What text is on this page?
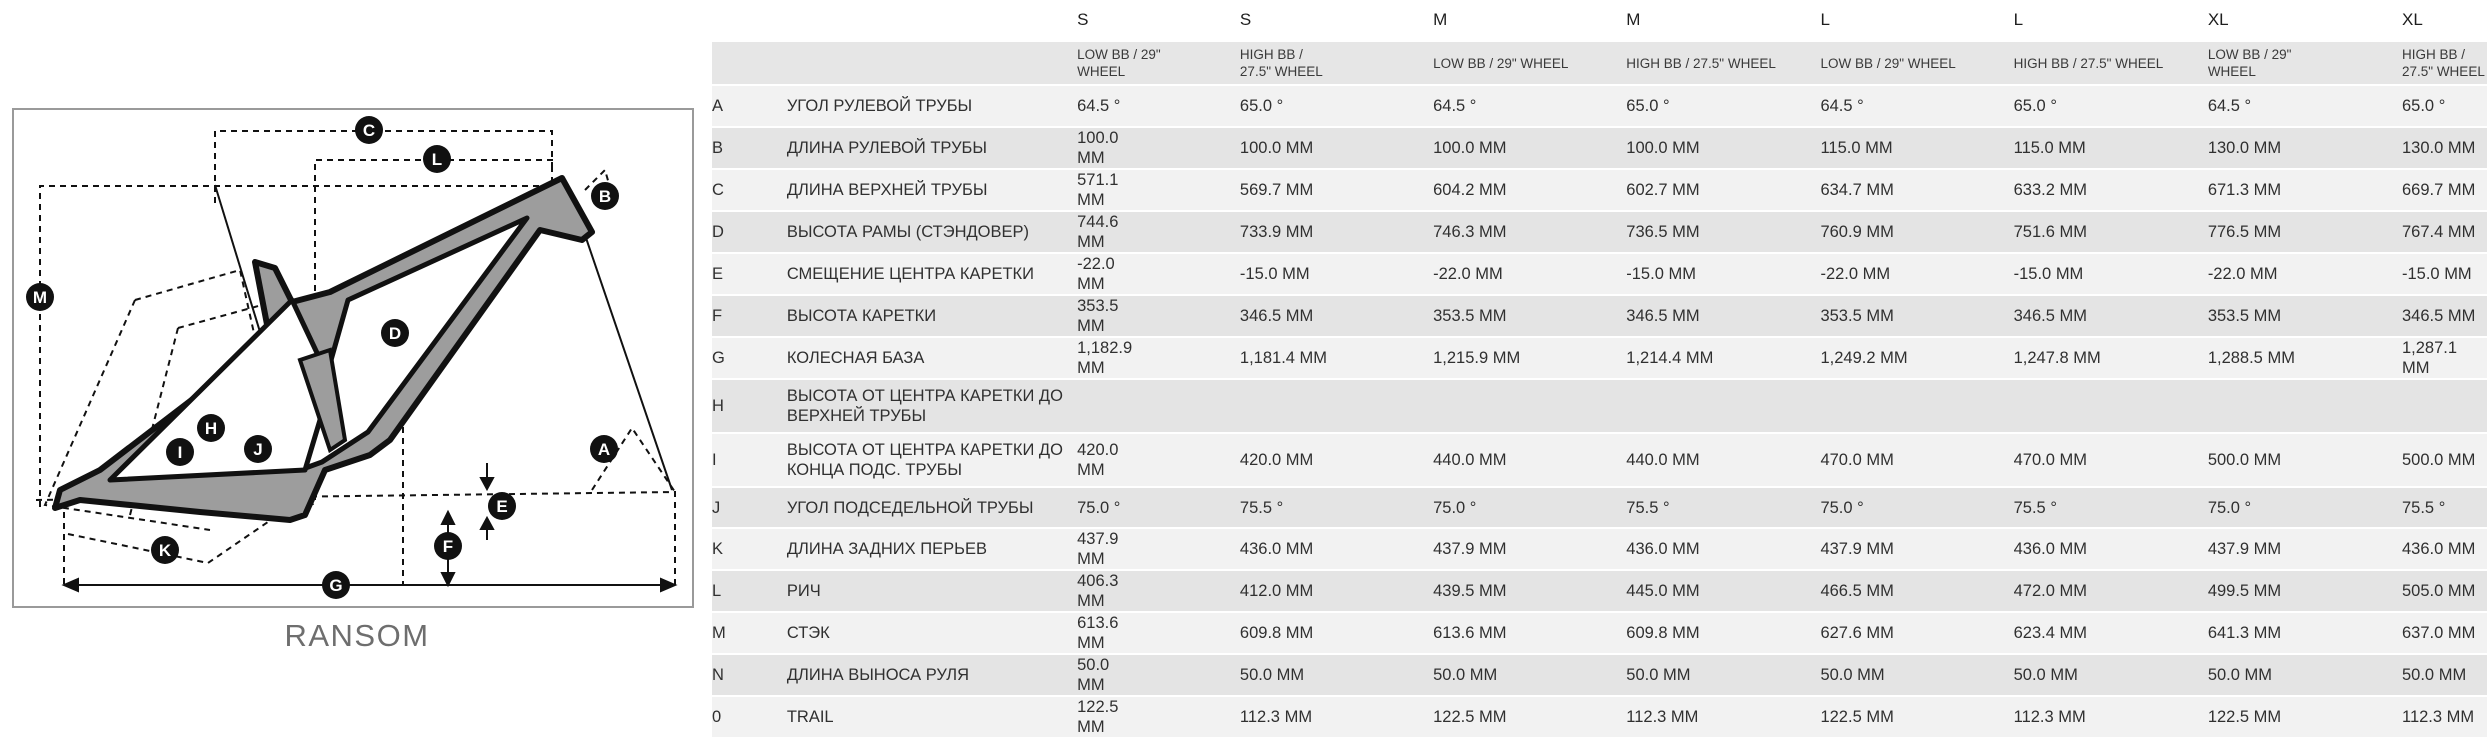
C
L
B
M
D
H
I	J	A
E
F
K
G
RANSOM
		S	S	M	M	L	L	XL	XL

		LOW BB / 29" WHEEL	HIGH BB / 27.5" WHEEL	LOW BB / 29" WHEEL	HIGH BB / 27.5" WHEEL	LOW BB / 29" WHEEL	HIGH BB / 27.5" WHEEL	LOW BB / 29" WHEEL	HIGH BB / 27.5" WHEEL

A	УГОЛ РУЛЕВОЙ ТРУБЫ	64.5 °	65.0 °	64.5 °	65.0 °	64.5 °	65.0 °	64.5 °	65.0 °
B	ДЛИНА РУЛЕВОЙ ТРУБЫ	100.0 MM	100.0 MM	100.0 MM	100.0 MM	115.0 MM	115.0 MM	130.0 MM	130.0 MM
C	ДЛИНА ВЕРХНЕЙ ТРУБЫ	571.1 MM	569.7 MM	604.2 MM	602.7 MM	634.7 MM	633.2 MM	671.3 MM	669.7 MM
D	ВЫСОТА РАМЫ (СТЭНДОВЕР)	744.6 MM	733.9 MM	746.3 MM	736.5 MM	760.9 MM	751.6 MM	776.5 MM	767.4 MM
E	СМЕЩЕНИЕ ЦЕНТРА КАРЕТКИ	-22.0 MM	-15.0 MM	-22.0 MM	-15.0 MM	-22.0 MM	-15.0 MM	-22.0 MM	-15.0 MM
F	ВЫСОТА КАРЕТКИ	353.5 MM	346.5 MM	353.5 MM	346.5 MM	353.5 MM	346.5 MM	353.5 MM	346.5 MM
G	КОЛЕСНАЯ БАЗА	1,182.9 MM	1,181.4 MM	1,215.9 MM	1,214.4 MM	1,249.2 MM	1,247.8 MM	1,288.5 MM	1,287.1 MM
H	ВЫСОТА ОТ ЦЕНТРА КАРЕТКИ ДО ВЕРХНЕЙ ТРУБЫ	

I	ВЫСОТА ОТ ЦЕНТРА КАРЕТКИ ДО КОНЦА ПОДС. ТРУБЫ	420.0 MM	420.0 MM	440.0 MM	440.0 MM	470.0 MM	470.0 MM	500.0 MM	500.0 MM
J	УГОЛ ПОДСЕДЕЛЬНОЙ ТРУБЫ	75.0 °	75.5 °	75.0 °	75.5 °	75.0 °	75.5 °	75.0 °	75.5 °
K	ДЛИНА ЗАДНИХ ПЕРЬЕВ	437.9 MM	436.0 MM	437.9 MM	436.0 MM	437.9 MM	436.0 MM	437.9 MM	436.0 MM
L	РИЧ	406.3 MM	412.0 MM	439.5 MM	445.0 MM	466.5 MM	472.0 MM	499.5 MM	505.0 MM
M	СТЭК	613.6 MM	609.8 MM	613.6 MM	609.8 MM	627.6 MM	623.4 MM	641.3 MM	637.0 MM
N	ДЛИНА ВЫНОСА РУЛЯ	50.0 MM	50.0 MM	50.0 MM	50.0 MM	50.0 MM	50.0 MM	50.0 MM	50.0 MM
0	TRAIL	122.5 MM	112.3 MM	122.5 MM	112.3 MM	122.5 MM	112.3 MM	122.5 MM	112.3 MM
